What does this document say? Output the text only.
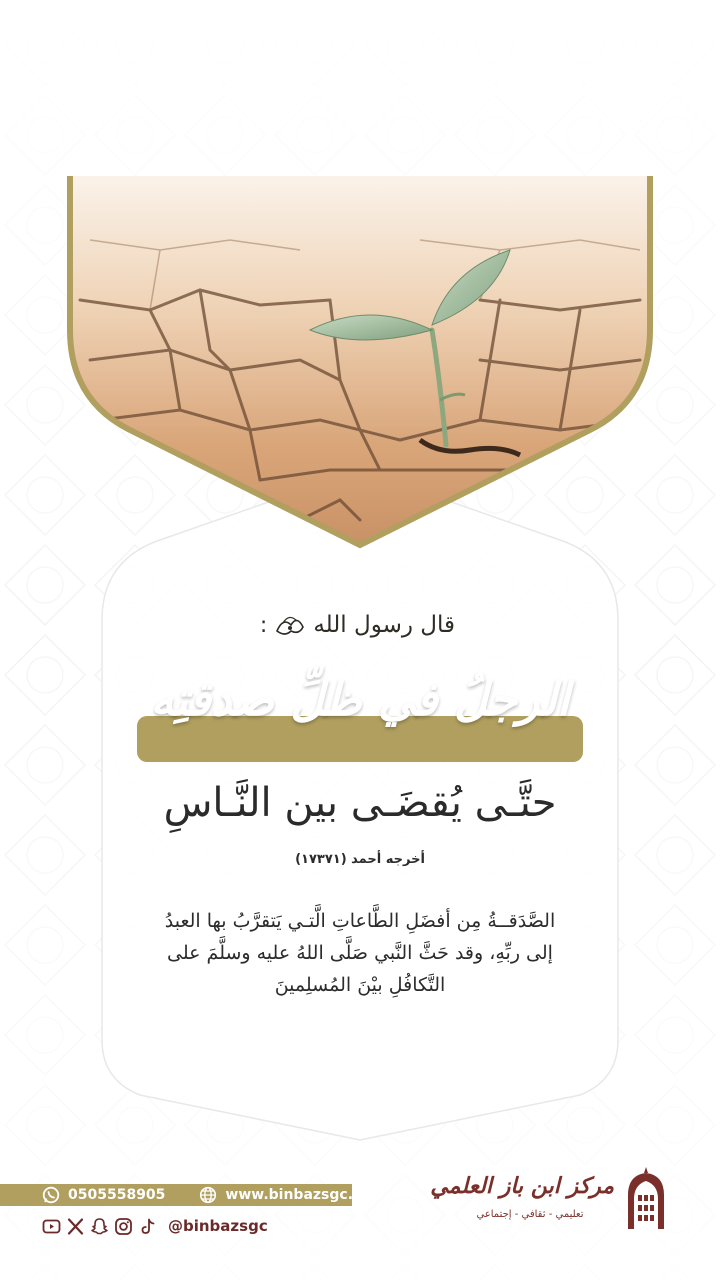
قال رسول الله
:
الرجلُ في ظلِّ صدقتِه
حتَّـى يُقضَـى بين النَّـاسِ
أخرجه أحمد (١٧٣٧١)
الصَّدَقــةُ مِن أفضَلِ الطَّاعاتِ الَّتـي يَتقرَّبُ بها العبدُ
إلى ربِّهِ، وقد حَثَّ النَّبي صَلَّى اللهُ عليه وسلَّمَ على
التَّكافُلِ بيْنَ المُسلِمينَ
0505558905	www.binbazsgc.org
@binbazsgc
مركز ابن باز العلمي
تعليمي - ثقافي - إجتماعي
